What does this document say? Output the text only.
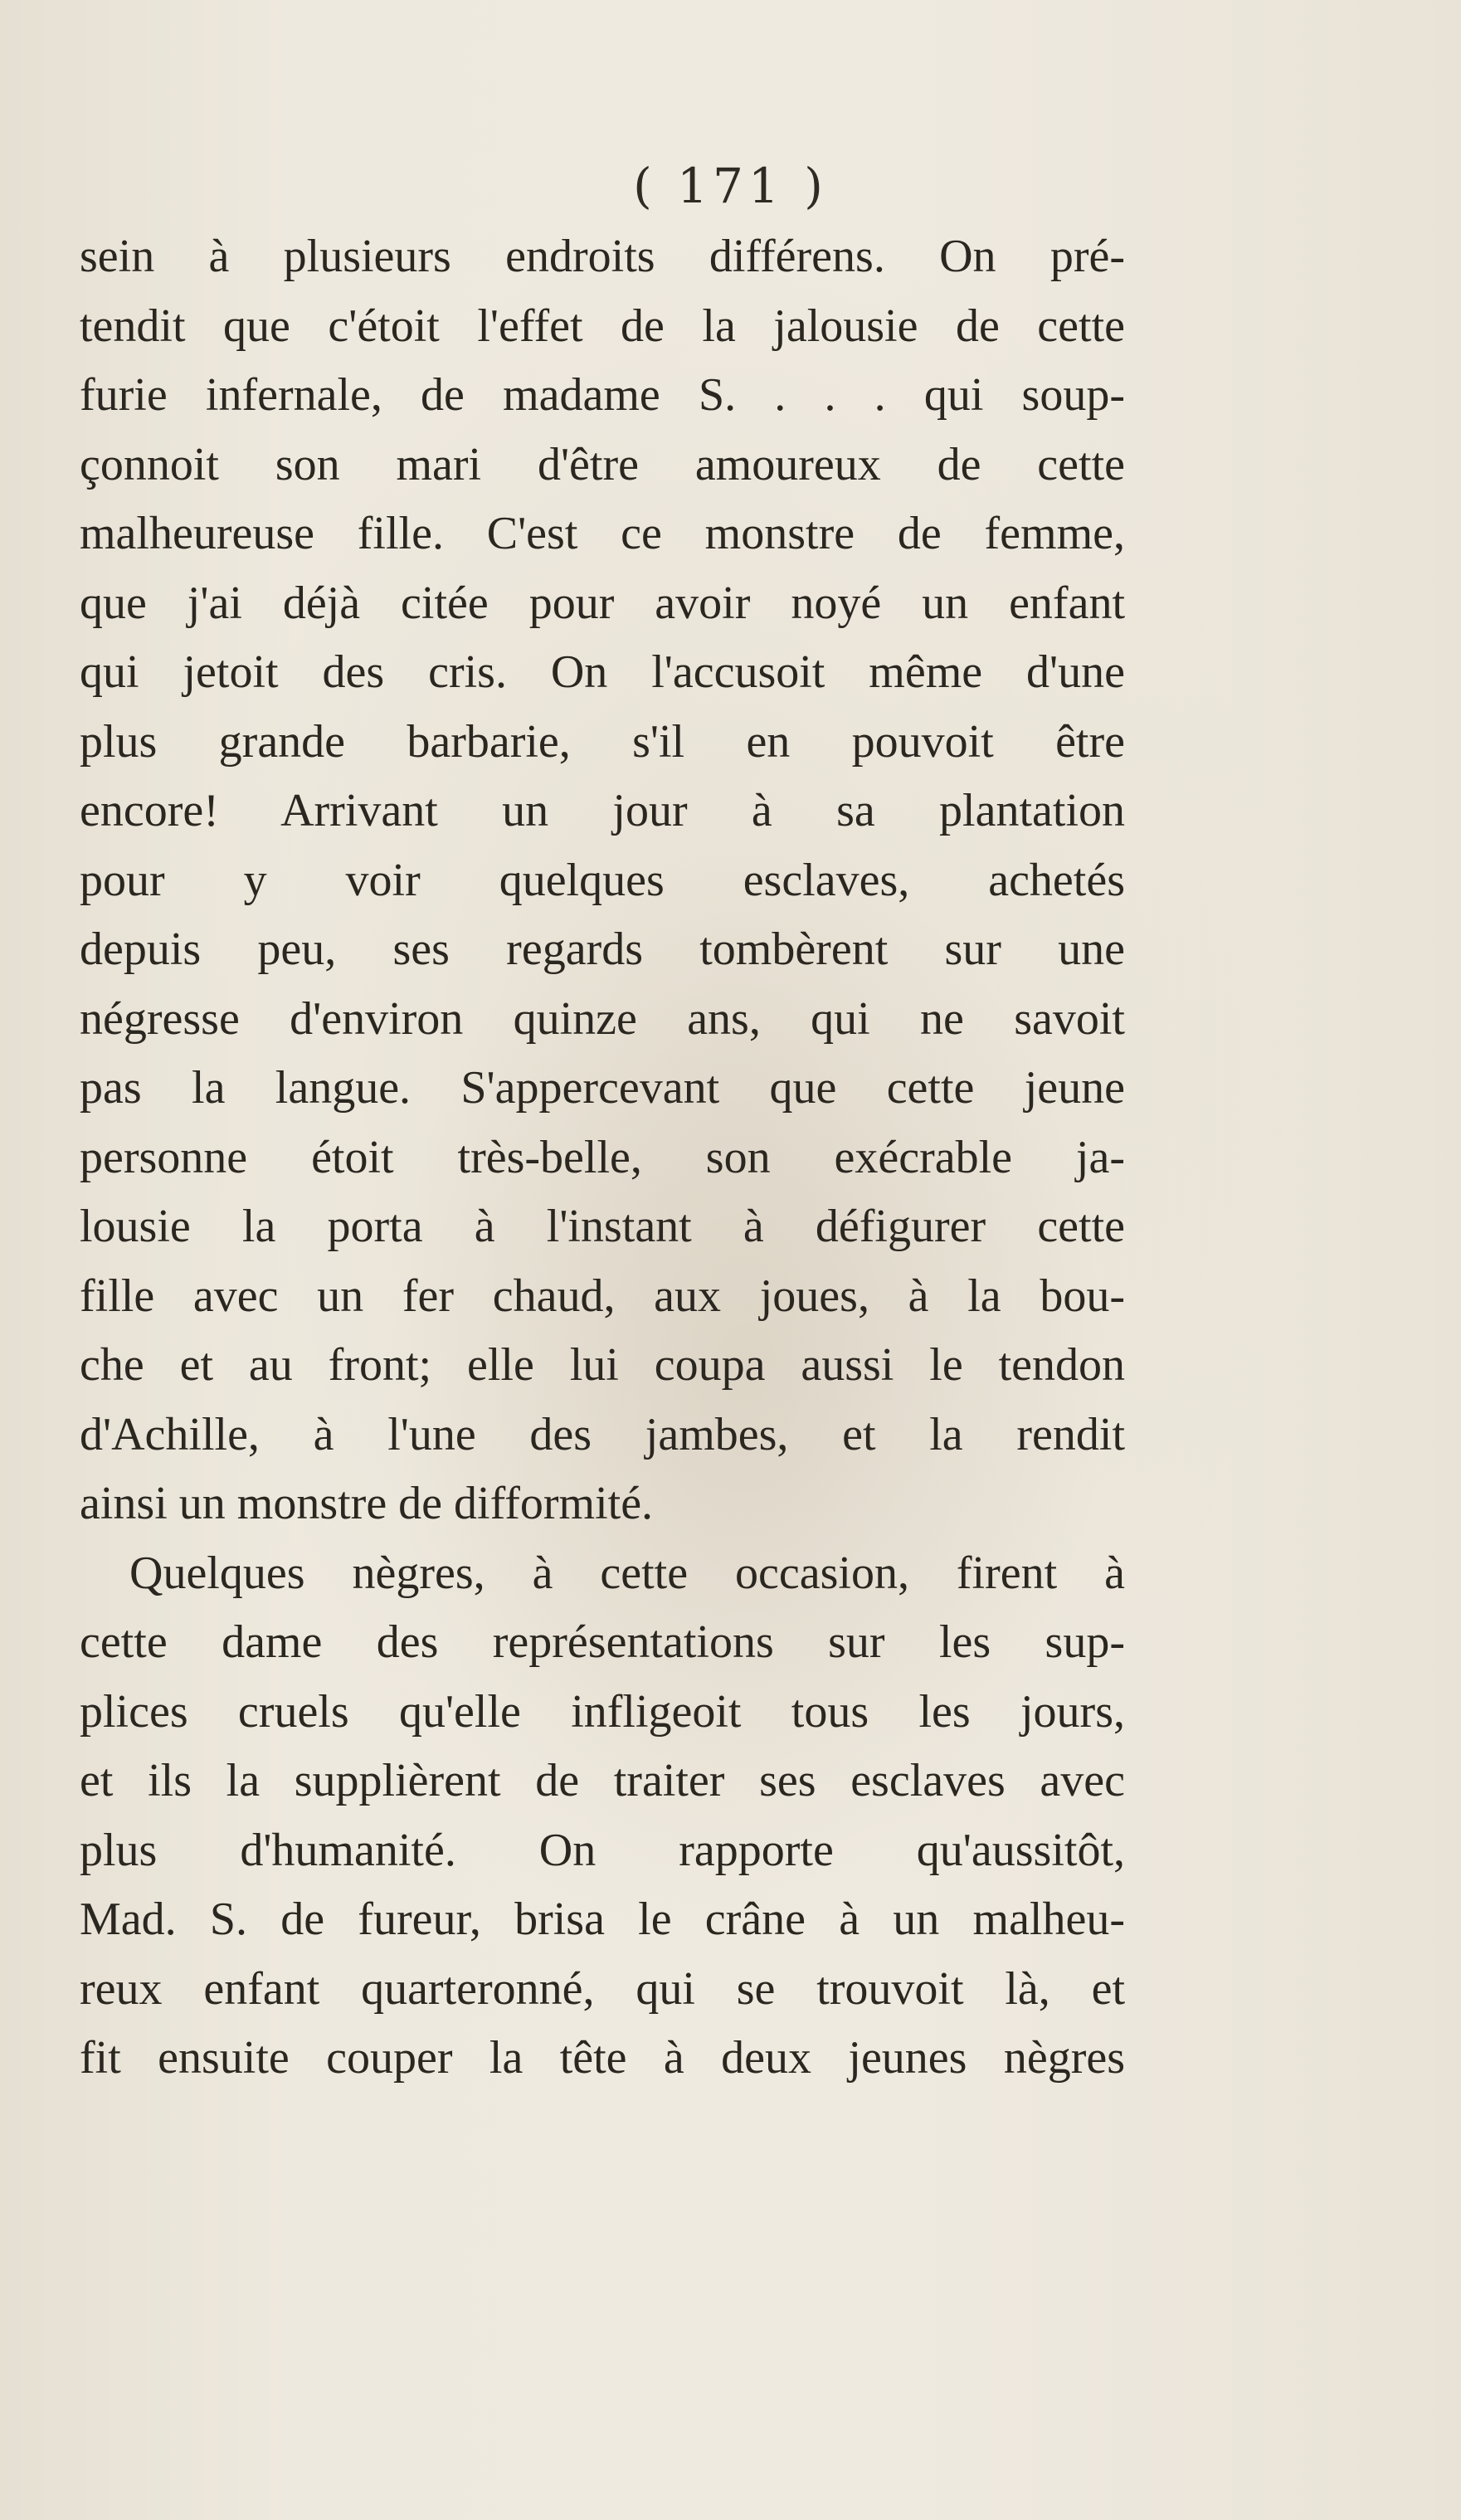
( 171 )
sein à plusieurs endroits différens. On pré-
tendit que c'étoit l'effet de la jalousie de cette
furie infernale, de madame S. . . . qui soup-
çonnoit son mari d'être amoureux de cette
malheureuse fille. C'est ce monstre de femme,
que j'ai déjà citée pour avoir noyé un enfant
qui jetoit des cris. On l'accusoit même d'une
plus grande barbarie, s'il en pouvoit être
encore! Arrivant un jour à sa plantation
pour y voir quelques esclaves, achetés
depuis peu, ses regards tombèrent sur une
négresse d'environ quinze ans, qui ne savoit
pas la langue. S'appercevant que cette jeune
personne étoit très-belle, son exécrable ja-
lousie la porta à l'instant à défigurer cette
fille avec un fer chaud, aux joues, à la bou-
che et au front; elle lui coupa aussi le tendon
d'Achille, à l'une des jambes, et la rendit
ainsi un monstre de difformité.
Quelques nègres, à cette occasion, firent à
cette dame des représentations sur les sup-
plices cruels qu'elle infligeoit tous les jours,
et ils la supplièrent de traiter ses esclaves avec
plus d'humanité. On rapporte qu'aussitôt,
Mad. S. de fureur, brisa le crâne à un malheu-
reux enfant quarteronné, qui se trouvoit là, et
fit ensuite couper la tête à deux jeunes nègres
